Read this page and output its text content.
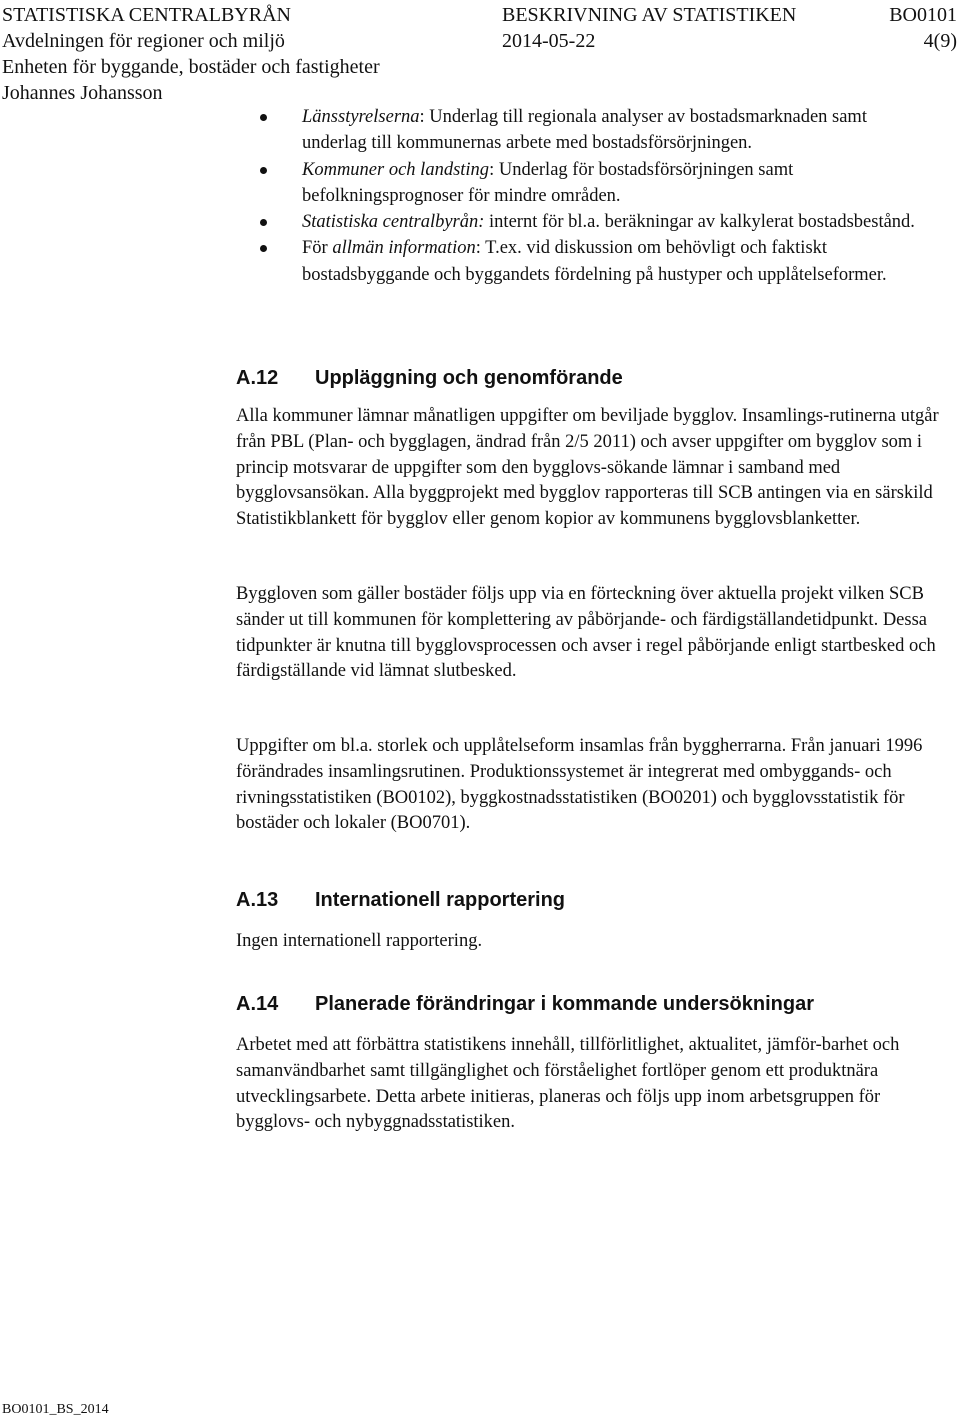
STATISTISKA CENTRALBYRÅN
Avdelningen för regioner och miljö
Enheten för byggande, bostäder och fastigheter
Johannes Johansson
BESKRIVNING AV STATISTIKEN
2014-05-22
BO0101
4(9)
Länsstyrelserna: Underlag till regionala analyser av bostadsmarknaden samt underlag till kommunernas arbete med bostadsförsörjningen.
Kommuner och landsting: Underlag för bostadsförsörjningen samt befolkningsprognoser för mindre områden.
Statistiska centralbyrån: internt för bl.a. beräkningar av kalkylerat bostadsbestånd.
För allmän information: T.ex. vid diskussion om behövligt och faktiskt bostadsbyggande och byggandets fördelning på hustyper och upplåtelseformer.
A.12 Uppläggning och genomförande

Alla kommuner lämnar månatligen uppgifter om beviljade bygglov. Insamlings-rutinerna utgår från PBL (Plan- och bygglagen, ändrad från 2/5 2011) och avser uppgifter om bygglov som i princip motsvarar de uppgifter som den bygglovs-sökande lämnar i samband med bygglovsansökan. Alla byggprojekt med bygglov rapporteras till SCB antingen via en särskild Statistikblankett för bygglov eller genom kopior av kommunens bygglovsblanketter.

Byggloven som gäller bostäder följs upp via en förteckning över aktuella projekt vilken SCB sänder ut till kommunen för komplettering av påbörjande- och färdigställandetidpunkt. Dessa tidpunkter är knutna till bygglovsprocessen och avser i regel påbörjande enligt startbesked och färdigställande vid lämnat slutbesked.

Uppgifter om bl.a. storlek och upplåtelseform insamlas från byggherrarna. Från januari 1996 förändrades insamlingsrutinen. Produktionssystemet är integrerat med ombyggands- och rivningsstatistiken (BO0102), byggkostnadsstatistiken (BO0201) och bygglovsstatistik för bostäder och lokaler (BO0701).

A.13 Internationell rapportering

Ingen internationell rapportering.

A.14 Planerade förändringar i kommande undersökningar

Arbetet med att förbättra statistikens innehåll, tillförlitlighet, aktualitet, jämför-barhet och samanvändbarhet samt tillgänglighet och förståelighet fortlöper genom ett produktnära utvecklingsarbete. Detta arbete initieras, planeras och följs upp inom arbetsgruppen för bygglovs- och nybyggnadsstatistiken.

BO0101_BS_2014
